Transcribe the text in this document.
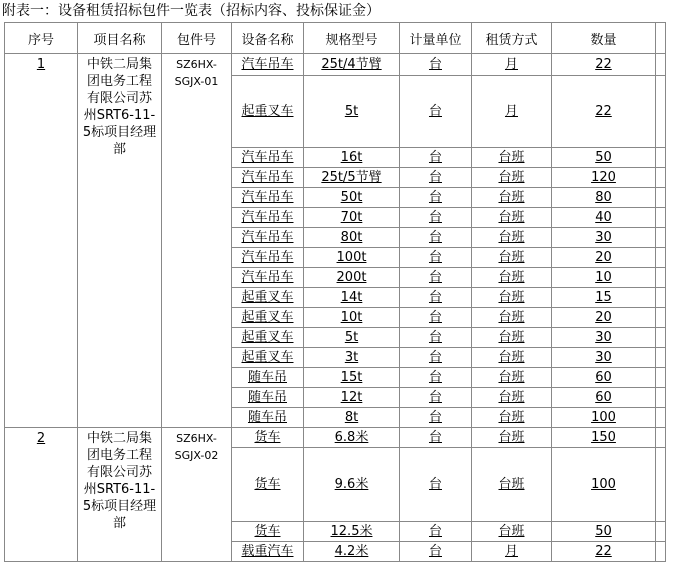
附表一：设备租赁招标包件一览表（招标内容、投标保证金）
序号	项目名称	包件号	设备名称	规格型号	计量单位	租赁方式	数量	
1	中铁二局集团电务工程有限公司苏州SRT6-11-5标项目经理部	SZ6HX-SGJX-01	汽车吊车	25t/4节臂	台	月	22	
			起重叉车	5t	台	月	22	
			汽车吊车	16t	台	台班	50	
			汽车吊车	25t/5节臂	台	台班	120	
			汽车吊车	50t	台	台班	80	
			汽车吊车	70t	台	台班	40	
			汽车吊车	80t	台	台班	30	
			汽车吊车	100t	台	台班	20	
			汽车吊车	200t	台	台班	10	
			起重叉车	14t	台	台班	15	
			起重叉车	10t	台	台班	20	
			起重叉车	5t	台	台班	30	
			起重叉车	3t	台	台班	30	
			随车吊	15t	台	台班	60	
			随车吊	12t	台	台班	60	
			随车吊	8t	台	台班	100	
2	中铁二局集团电务工程有限公司苏州SRT6-11-5标项目经理部	SZ6HX-SGJX-02	货车	6.8米	台	台班	150	
			货车	9.6米	台	台班	100	
			货车	12.5米	台	台班	50	
			载重汽车	4.2米	台	月	22	
